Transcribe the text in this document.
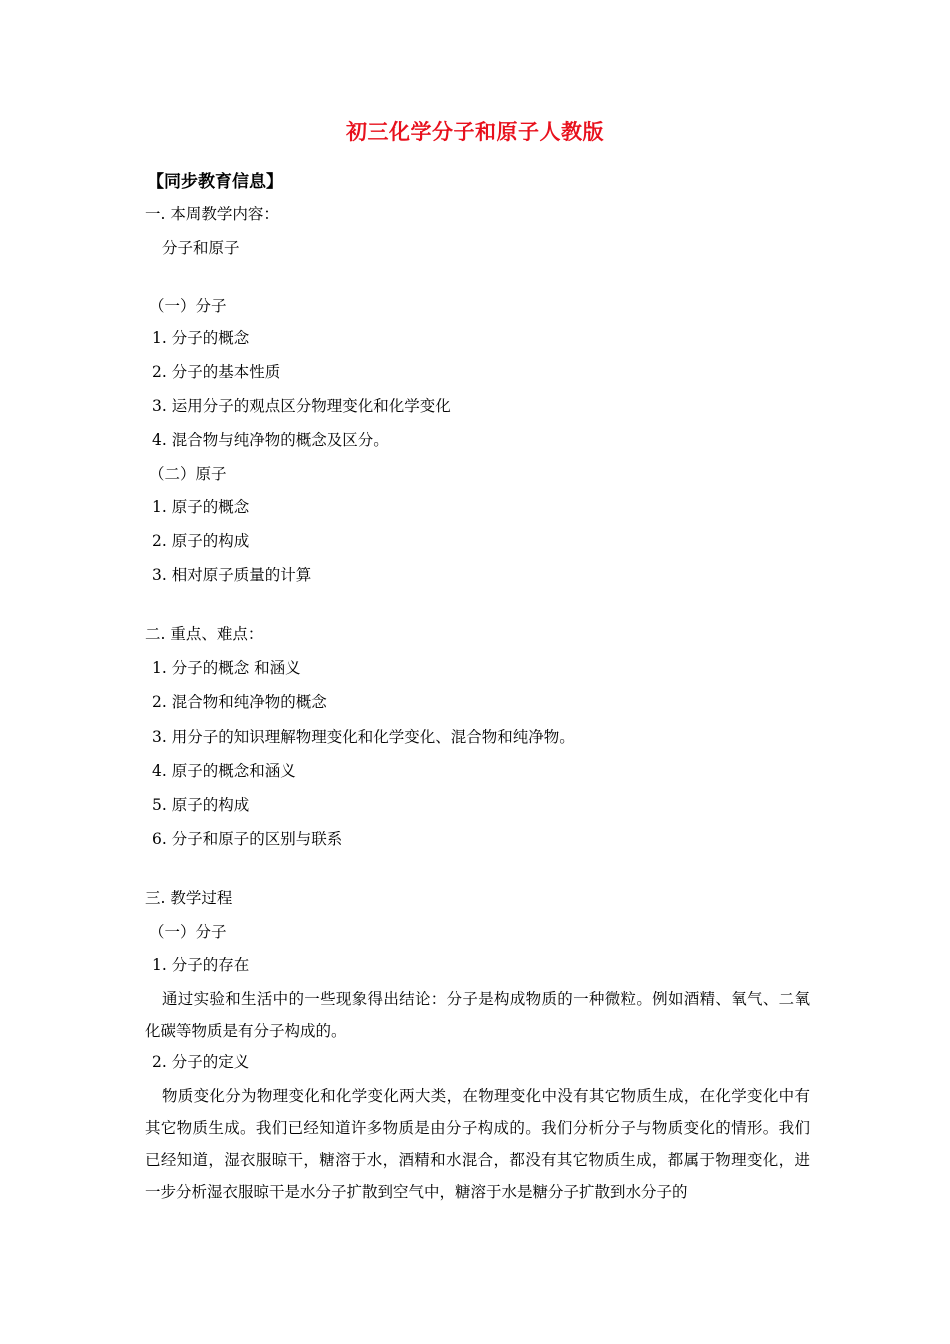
初三化学分子和原子人教版
【同步教育信息】
一. 本周教学内容：
分子和原子
（一）分子
1. 分子的概念
2. 分子的基本性质
3. 运用分子的观点区分物理变化和化学变化
4. 混合物与纯净物的概念及区分。
（二）原子
1. 原子的概念
2. 原子的构成
3. 相对原子质量的计算
二. 重点、难点：
1. 分子的概念 和涵义
2. 混合物和纯净物的概念
3. 用分子的知识理解物理变化和化学变化、混合物和纯净物。
4. 原子的概念和涵义
5. 原子的构成
6. 分子和原子的区别与联系
三. 教学过程
（一）分子
1. 分子的存在
通过实验和生活中的一些现象得出结论：分子是构成物质的一种微粒。例如酒精、氧气、二氧化碳等物质是有分子构成的。
2. 分子的定义
物质变化分为物理变化和化学变化两大类，在物理变化中没有其它物质生成，在化学变化中有其它物质生成。我们已经知道许多物质是由分子构成的。我们分析分子与物质变化的情形。我们已经知道，湿衣服晾干，糖溶于水，酒精和水混合，都没有其它物质生成，都属于物理变化，进一步分析湿衣服晾干是水分子扩散到空气中，糖溶于水是糖分子扩散到水分子的
